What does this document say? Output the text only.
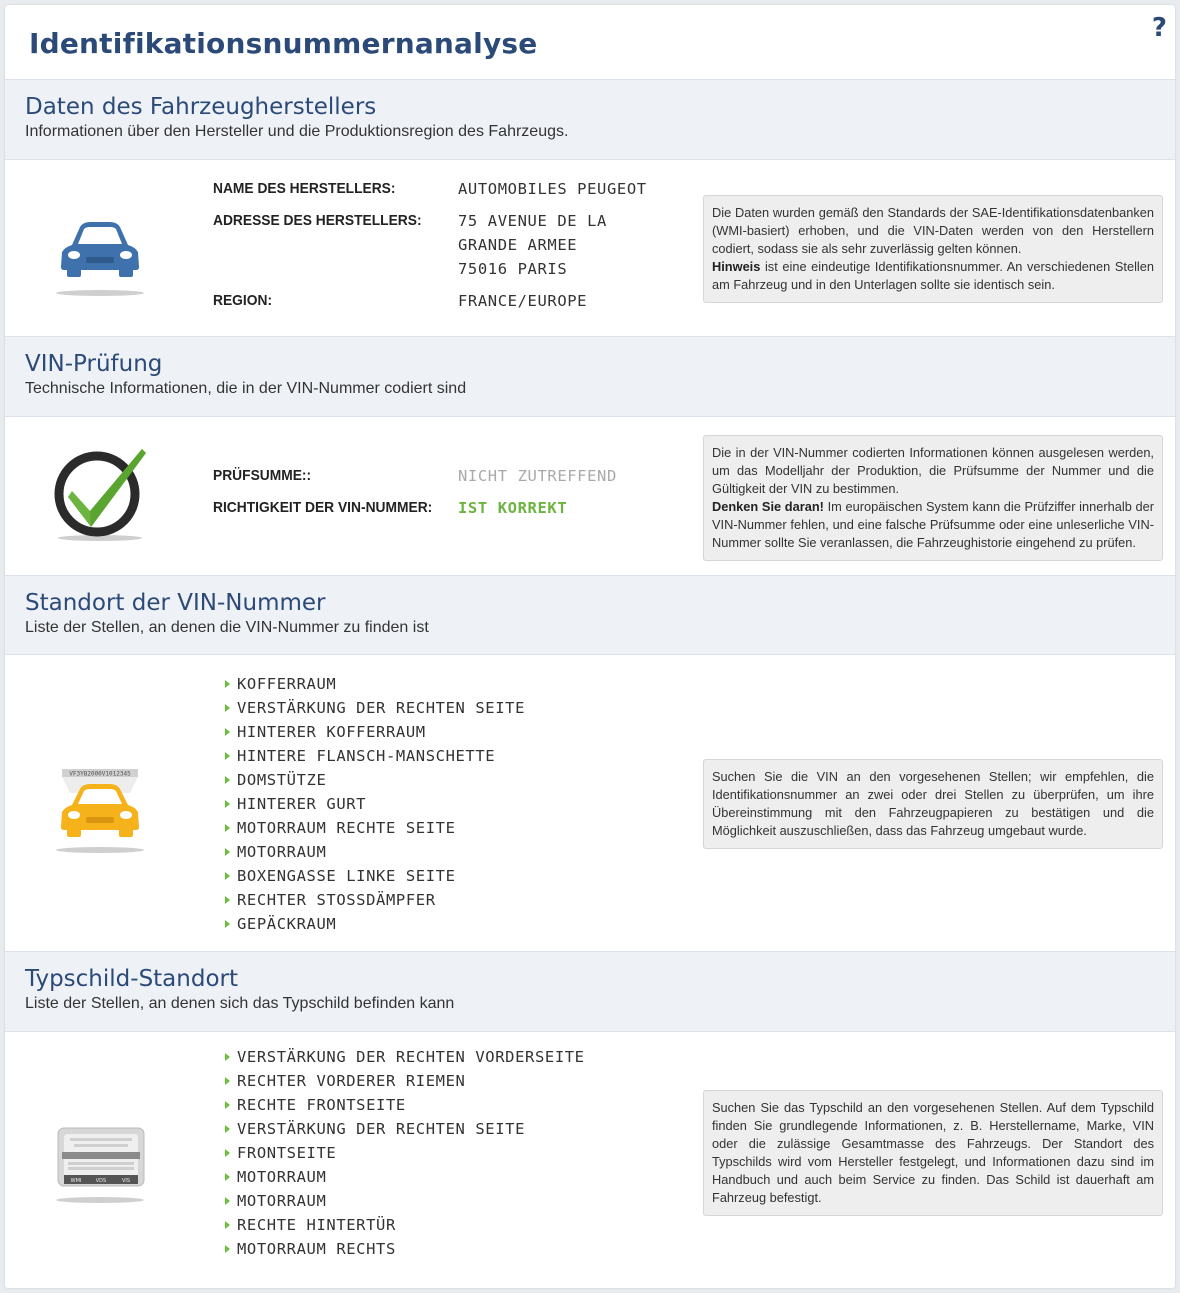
Identifikationsnummernanalyse	?
Daten des Fahrzeugherstellers
Informationen über den Hersteller und die Produktionsregion des Fahrzeugs.
NAME DES HERSTELLERS:	AUTOMOBILES PEUGEOT
ADRESSE DES HERSTELLERS: 75 AVENUE DE LA
GRANDE ARMEE
75016 PARIS
REGION:	FRANCE/EUROPE
Die Daten wurden gemäß den Standards der SAE-Identifikationsdatenbanken (WMI-basiert) erhoben, und die VIN-Daten werden von den Herstellern codiert, sodass sie als sehr zuverlässig gelten können.
Hinweis ist eine eindeutige Identifikationsnummer. An verschiedenen Stellen am Fahrzeug und in den Unterlagen sollte sie identisch sein.
VIN-Prüfung
Technische Informationen, die in der VIN-Nummer codiert sind
PRÜFSUMME::	NICHT ZUTREFFEND
RICHTIGKEIT DER VIN-NUMMER: IST KORREKT
Die in der VIN-Nummer codierten Informationen können ausgelesen werden, um das Modelljahr der Produktion, die Prüfsumme der Nummer und die Gültigkeit der VIN zu bestimmen.
Denken Sie daran! Im europäischen System kann die Prüfziffer innerhalb der VIN-Nummer fehlen, und eine falsche Prüfsumme oder eine unleserliche VIN-Nummer sollte Sie veranlassen, die Fahrzeughistorie eingehend zu prüfen.
Standort der VIN-Nummer
Liste der Stellen, an denen die VIN-Nummer zu finden ist
VF3YB2000V1012345
KOFFERRAUM
VERSTÄRKUNG DER RECHTEN SEITE
HINTERER KOFFERRAUM
HINTERE FLANSCH-MANSCHETTE
DOMSTÜTZE
HINTERER GURT
MOTORRAUM RECHTE SEITE
MOTORRAUM
BOXENGASSE LINKE SEITE
RECHTER STOSSDÄMPFER
GEPÄCKRAUM
Suchen Sie die VIN an den vorgesehenen Stellen; wir empfehlen, die Identifikationsnummer an zwei oder drei Stellen zu überprüfen, um ihre Übereinstimmung mit den Fahrzeugpapieren zu bestätigen und die Möglichkeit auszuschließen, dass das Fahrzeug umgebaut wurde.
Typschild-Standort
Liste der Stellen, an denen sich das Typschild befinden kann
WMI	VDS	VIS
VERSTÄRKUNG DER RECHTEN VORDERSEITE
RECHTER VORDERER RIEMEN
RECHTE FRONTSEITE
VERSTÄRKUNG DER RECHTEN SEITE
FRONTSEITE
MOTORRAUM
MOTORRAUM
RECHTE HINTERTÜR
MOTORRAUM RECHTS
Suchen Sie das Typschild an den vorgesehenen Stellen. Auf dem Typschild finden Sie grundlegende Informationen, z. B. Herstellername, Marke, VIN oder die zulässige Gesamtmasse des Fahrzeugs. Der Standort des Typschilds wird vom Hersteller festgelegt, und Informationen dazu sind im Handbuch und auch beim Service zu finden. Das Schild ist dauerhaft am Fahrzeug befestigt.
